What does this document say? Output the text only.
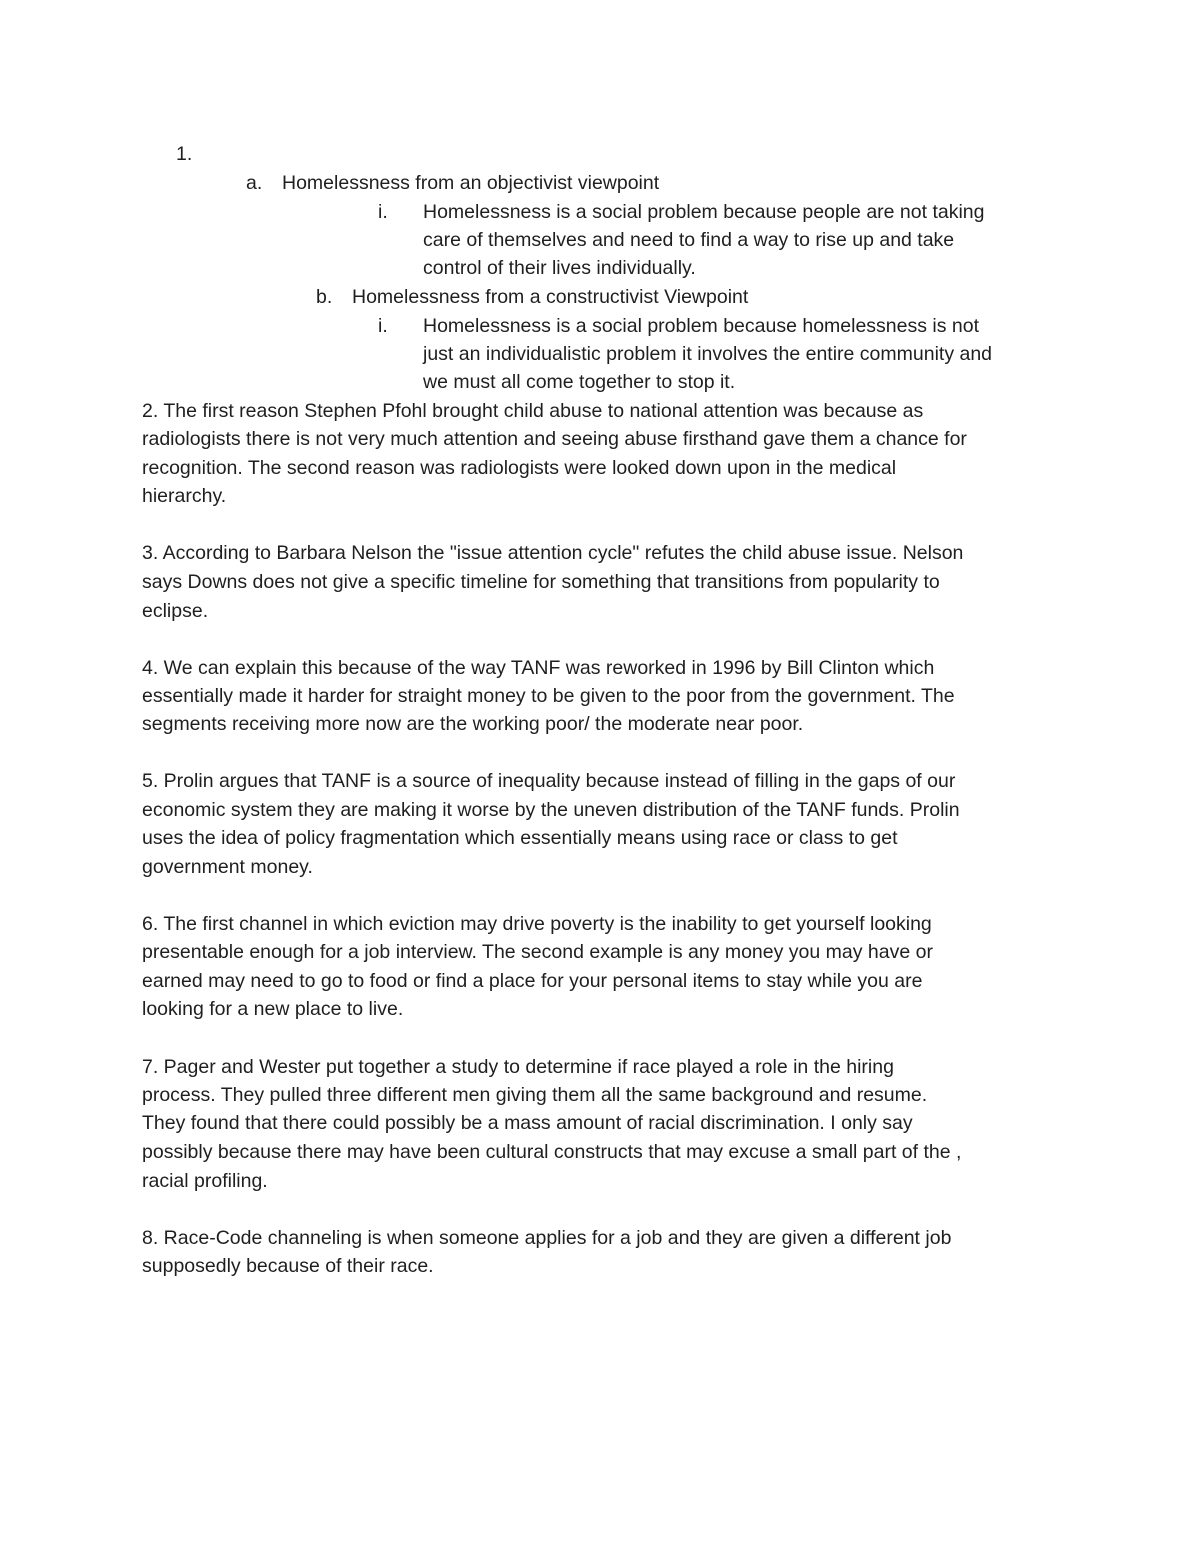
1.
a. Homelessness from an objectivist viewpoint
i. Homelessness is a social problem because people are not taking
care of themselves and need to find a way to rise up and take
control of their lives individually.
b. Homelessness from a constructivist Viewpoint
i. Homelessness is a social problem because homelessness is not
just an individualistic problem it involves the entire community and
we must all come together to stop it.
2. The first reason Stephen Pfohl brought child abuse to national attention was because as
radiologists there is not very much attention and seeing abuse firsthand gave them a chance for
recognition. The second reason was radiologists were looked down upon in the medical
hierarchy.
3. According to Barbara Nelson the "issue attention cycle" refutes the child abuse issue. Nelson
says Downs does not give a specific timeline for something that transitions from popularity to
eclipse.
4. We can explain this because of the way TANF was reworked in 1996 by Bill Clinton which
essentially made it harder for straight money to be given to the poor from the government. The
segments receiving more now are the working poor/ the moderate near poor.
5. Prolin argues that TANF is a source of inequality because instead of filling in the gaps of our
economic system they are making it worse by the uneven distribution of the TANF funds. Prolin
uses the idea of policy fragmentation which essentially means using race or class to get
government money.
6. The first channel in which eviction may drive poverty is the inability to get yourself looking
presentable enough for a job interview. The second example is any money you may have or
earned may need to go to food or find a place for your personal items to stay while you are
looking for a new place to live.
7. Pager and Wester put together a study to determine if race played a role in the hiring
process. They pulled three different men giving them all the same background and resume.
They found that there could possibly be a mass amount of racial discrimination. I only say
possibly because there may have been cultural constructs that may excuse a small part of the ,
racial profiling.
8. Race-Code channeling is when someone applies for a job and they are given a different job
supposedly because of their race.
